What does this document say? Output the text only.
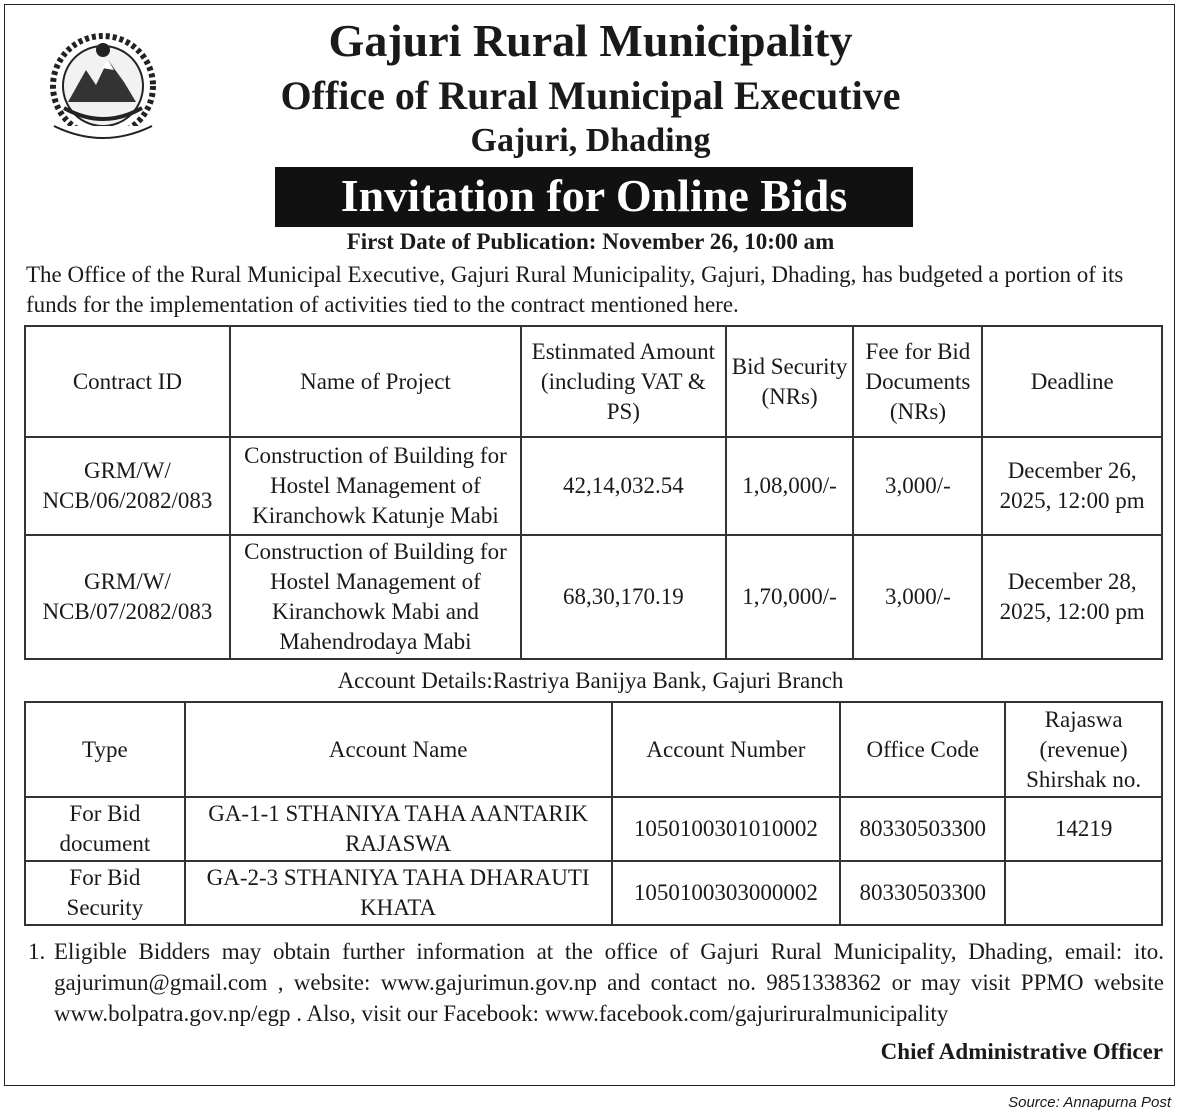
Gajuri Rural Municipality
Office of Rural Municipal Executive
Gajuri, Dhading
Invitation for Online Bids
First Date of Publication: November 26, 10:00 am
The Office of the Rural Municipal Executive, Gajuri Rural Municipality, Gajuri, Dhading, has budgeted a portion of its funds for the implementation of activities tied to the contract mentioned here.
Contract ID	Name of Project	Estinmated Amount (including VAT & PS)	Bid Security (NRs)	Fee for Bid Documents (NRs)	Deadline
GRM/W/ NCB/06/2082/083	Construction of Building for Hostel Management of Kiranchowk Katunje Mabi	42,14,032.54	1,08,000/-	3,000/-	December 26, 2025, 12:00 pm
GRM/W/ NCB/07/2082/083	Construction of Building for Hostel Management of Kiranchowk Mabi and Mahendrodaya Mabi	68,30,170.19	1,70,000/-	3,000/-	December 28, 2025, 12:00 pm
Account Details:Rastriya Banijya Bank, Gajuri Branch
Type	Account Name	Account Number	Office Code	Rajaswa (revenue) Shirshak no.
For Bid document	GA-1-1 STHANIYA TAHA AANTARIK RAJASWA	1050100301010002	80330503300	14219
For Bid Security	GA-2-3 STHANIYA TAHA DHARAUTI KHATA	1050100303000002	80330503300	
1. Eligible Bidders may obtain further information at the office of Gajuri Rural Municipality, Dhading, email: ito. gajurimun@gmail.com , website: www.gajurimun.gov.np and contact no. 9851338362 or may visit PPMO website www.bolpatra.gov.np/egp . Also, visit our Facebook: www.facebook.com/gajuriruralmunicipality
Chief Administrative Officer
Source: Annapurna Post
